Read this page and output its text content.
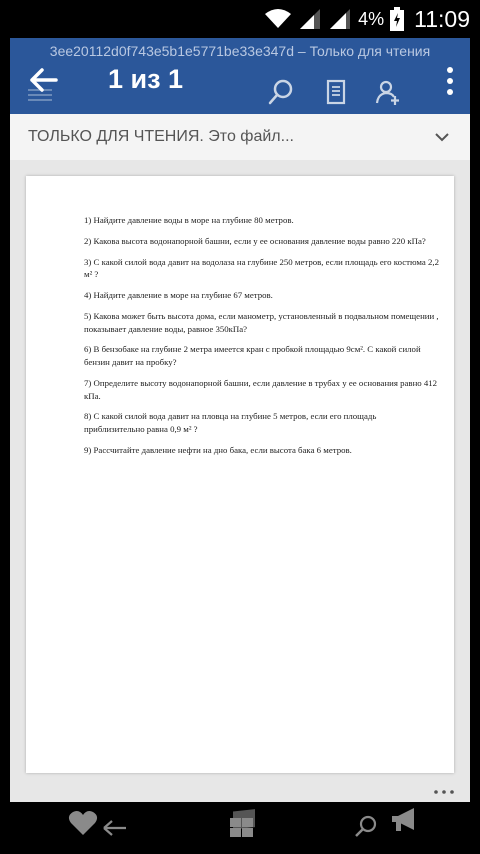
4% 11:09
3ee20112d0f743e5b1e5771be33e347d – Только для чтения
1 из 1
ТОЛЬКО ДЛЯ ЧТЕНИЯ. Это файл...
1) Найдите давление воды в море на глубине 80 метров.
2) Какова высота водонапорной башни, если у ее основания давление воды равно 220 кПа?
3) С какой силой вода давит на водолаза на глубине 250 метров, если площадь его костюма 2,2 м² ?
4) Найдите давление в море на глубине 67 метров.
5) Какова может быть высота дома, если манометр, установленный в подвальном помещении , показывает давление воды, равное 350кПа?
6) В бензобаке на глубине 2 метра имеется кран с пробкой площадью 9см². С какой силой бензин давит на пробку?
7) Определите высоту водонапорной башни, если давление в трубах у ее основания равно 412 кПа.
8) С какой силой вода давит на пловца на глубине 5 метров, если его площадь приблизительно равна 0,9 м² ?
9) Рассчитайте давление нефти на дно бака, если высота бака 6 метров.
